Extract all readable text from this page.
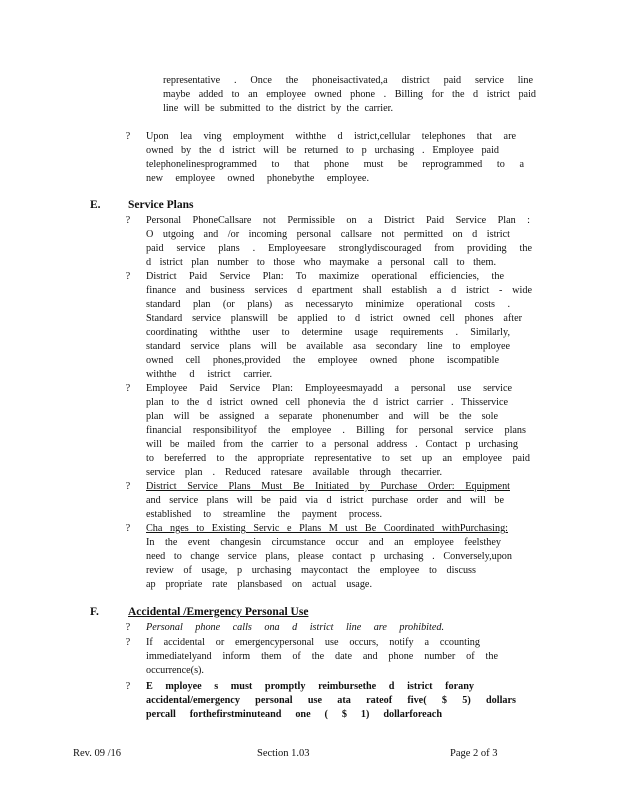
representative . Once the phoneisactivated,a district paid service line
maybe added to an employee owned phone . Billing for the d istrict paid
line will be submitted to the district by the carrier.
? Upon lea ving employment withthe d istrict,cellular telephones that are
owned by the d istrict will be returned to p urchasing . Employee paid
telephonelinesprogrammed to that phone must be reprogrammed to a
new employee owned phonebythe employee.
E. Service Plans
? Personal PhoneCallsare not Permissible on a District Paid Service Plan :
O utgoing and /or incoming personal callsare not permitted on d istrict
paid service plans . Employeesare stronglydiscouraged from providing the
d istrict plan number to those who maymake a personal call to them.
? District Paid Service Plan: To maximize operational efficiencies, the
finance and business services d epartment shall establish a d istrict - wide
standard plan (or plans) as necessaryto minimize operational costs .
Standard service planswill be applied to d istrict owned cell phones after
coordinating withthe user to determine usage requirements . Similarly,
standard service plans will be available asa secondary line to employee
owned cell phones,provided the employee owned phone iscompatible
withthe d istrict carrier.
? Employee Paid Service Plan: Employeesmayadd a personal use service
plan to the d istrict owned cell phonevia the d istrict carrier . Thisservice
plan will be assigned a separate phonenumber and will be the sole
financial responsibilityof the employee . Billing for personal service plans
will be mailed from the carrier to a personal address . Contact p urchasing
to bereferred to the appropriate representative to set up an employee paid
service plan . Reduced ratesare available through thecarrier.
? District Service Plans Must Be Initiated by Purchase Order: Equipment
and service plans will be paid via d istrict purchase order and will be
established to streamline the payment process.
? Cha nges to Existing Servic e Plans M ust Be Coordinated withPurchasing:
In the event changesin circumstance occur and an employee feelsthey
need to change service plans, please contact p urchasing . Conversely,upon
review of usage, p urchasing maycontact the employee to discuss
ap propriate rate plansbased on actual usage.
F.	Accidental /Emergency Personal Use
? Personal phone calls ona d istrict line are prohibited.
? If accidental or emergencypersonal use occurs, notify a ccounting
immediatelyand inform them of the date and phone number of the
occurrence(s).
? E mployee s must promptly reimbursethe d istrict forany
accidental/emergency personal use ata rateof five( $ 5) dollars
percall forthefirstminuteand one ( $ 1) dollarforeach
Rev. 09 /16	Section 1.03	Page 2 of 3
